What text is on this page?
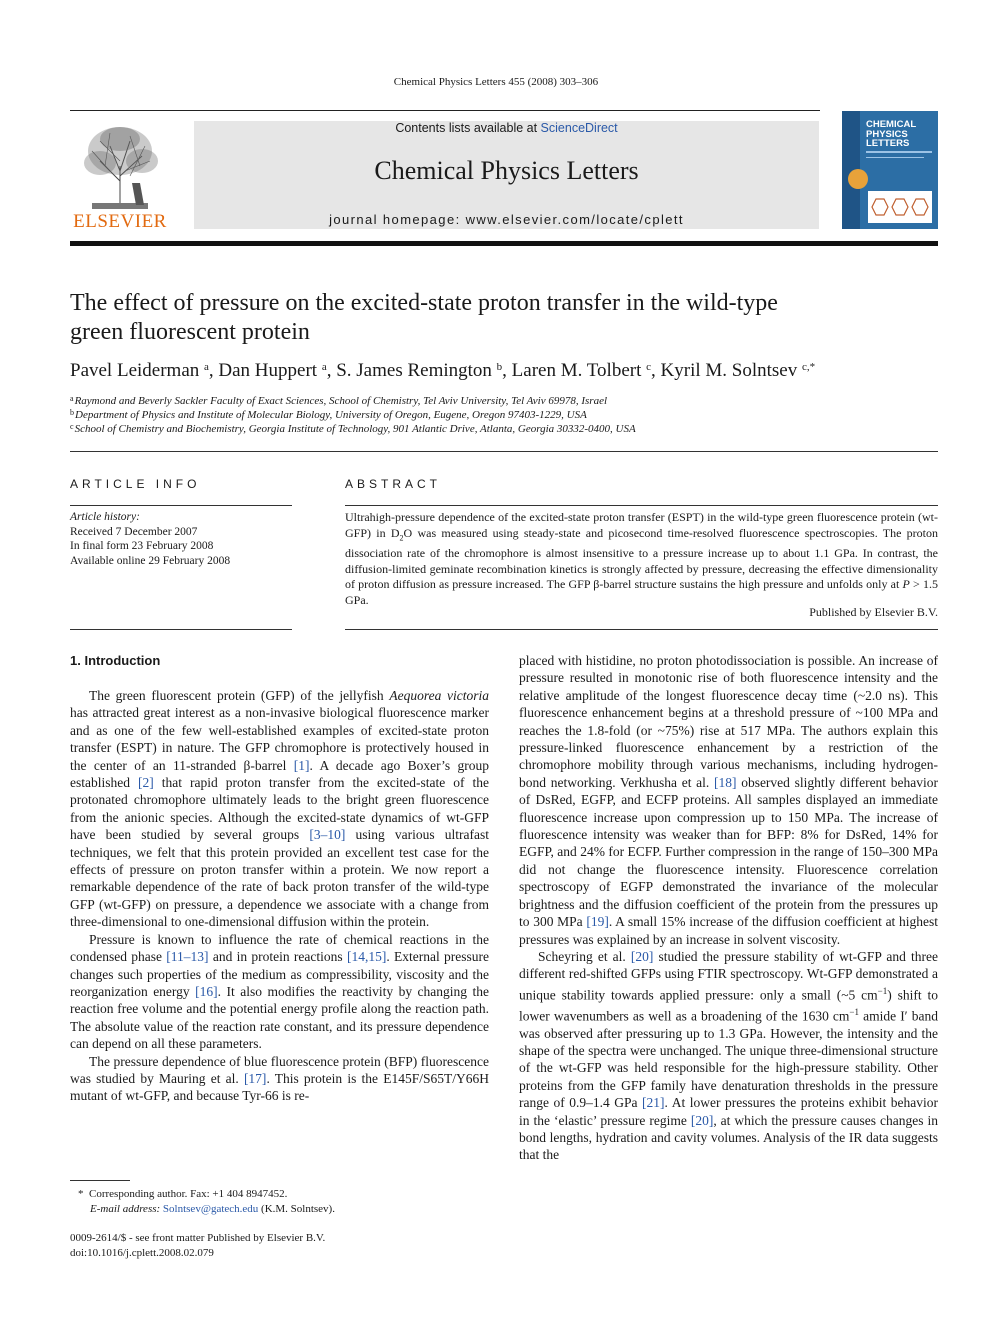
Chemical Physics Letters 455 (2008) 303–306
ELSEVIER
Contents lists available at ScienceDirect
Chemical Physics Letters
journal homepage: www.elsevier.com/locate/cplett
CHEMICAL
PHYSICS
LETTERS
The effect of pressure on the excited-state proton transfer in the wild-type
green fluorescent protein
Pavel Leiderman $^a$, Dan Huppert $^a$, S. James Remington $^b$, Laren M. Tolbert $^c$, Kyril M. Solntsev $^{c,*}$
$^a$Raymond and Beverly Sackler Faculty of Exact Sciences, School of Chemistry, Tel Aviv University, Tel Aviv 69978, Israel
$^b$Department of Physics and Institute of Molecular Biology, University of Oregon, Eugene, Oregon 97403-1229, USA
$^c$School of Chemistry and Biochemistry, Georgia Institute of Technology, 901 Atlantic Drive, Atlanta, Georgia 30332-0400, USA
ARTICLE INFO
Article history:
Received 7 December 2007
In final form 23 February 2008
Available online 29 February 2008
ABSTRACT
Ultrahigh-pressure dependence of the excited-state proton transfer (ESPT) in the wild-type green fluorescence protein (wt-GFP) in $D_2O$ was measured using steady-state and picosecond time-resolved fluorescence spectroscopies. The proton dissociation rate of the chromophore is almost insensitive to a pressure increase up to about 1.1 GPa. In contrast, the diffusion-limited geminate recombination kinetics is strongly affected by pressure, decreasing the effective dimensionality of proton diffusion as pressure increased. The GFP β-barrel structure sustains the high pressure and unfolds only at P > 1.5 GPa.
Published by Elsevier B.V.
1. Introduction

The green fluorescent protein (GFP) of the jellyfish Aequorea victoria has attracted great interest as a non-invasive biological fluorescence marker and as one of the few well-established examples of excited-state proton transfer (ESPT) in nature. The GFP chromophore is protectively housed in the center of an 11-stranded β-barrel [1]. A decade ago Boxer’s group established [2] that rapid proton transfer from the excited-state of the protonated chromophore ultimately leads to the bright green fluorescence from the anionic species. Although the excited-state dynamics of wt-GFP have been studied by several groups [3–10] using various ultrafast techniques, we felt that this protein provided an excellent test case for the effects of pressure on proton transfer within a protein. We now report a remarkable dependence of the rate of back proton transfer of the wild-type GFP (wt-GFP) on pressure, a dependence we associate with a change from three-dimensional to one-dimensional diffusion within the protein.

Pressure is known to influence the rate of chemical reactions in the condensed phase [11–13] and in protein reactions [14,15]. External pressure changes such properties of the medium as compressibility, viscosity and the reorganization energy [16]. It also modifies the reactivity by changing the reaction free volume and the potential energy profile along the reaction path. The absolute value of the reaction rate constant, and its pressure dependence can depend on all these parameters.

The pressure dependence of blue fluorescence protein (BFP) fluorescence was studied by Mauring et al. [17]. This protein is the E145F/S65T/Y66H mutant of wt-GFP, and because Tyr-66 is re-

placed with histidine, no proton photodissociation is possible. An increase of pressure resulted in monotonic rise of both fluorescence intensity and the relative amplitude of the longest fluorescence decay time (~2.0 ns). This fluorescence enhancement begins at a threshold pressure of ~100 MPa and reaches the 1.8-fold (or ~75%) rise at 517 MPa. The authors explain this pressure-linked fluorescence enhancement by a restriction of the chromophore mobility through various mechanisms, including hydrogen-bond networking. Verkhusha et al. [18] observed slightly different behavior of DsRed, EGFP, and ECFP proteins. All samples displayed an immediate fluorescence increase upon compression up to 150 MPa. The increase of fluorescence intensity was weaker than for BFP: 8% for DsRed, 14% for EGFP, and 24% for ECFP. Further compression in the range of 150–300 MPa did not change the fluorescence intensity. Fluorescence correlation spectroscopy of EGFP demonstrated the invariance of the molecular brightness and the diffusion coefficient of the protein from the pressures up to 300 MPa [19]. A small 15% increase of the diffusion coefficient at highest pressures was explained by an increase in solvent viscosity.

Scheyring et al. [20] studied the pressure stability of wt-GFP and three different red-shifted GFPs using FTIR spectroscopy. Wt-GFP demonstrated a unique stability towards applied pressure: only a small (~5 $cm^{-1}$) shift to lower wavenumbers as well as a broadening of the 1630 $cm^{-1}$ amide I′ band was observed after pressuring up to 1.3 GPa. However, the intensity and the shape of the spectra were unchanged. The unique three-dimensional structure of the wt-GFP was held responsible for the high-pressure stability. Other proteins from the GFP family have denaturation thresholds in the pressure range of 0.9–1.4 GPa [21]. At lower pressures the proteins exhibit behavior in the ‘elastic’ pressure regime [20], at which the pressure causes changes in bond lengths, hydration and cavity volumes. Analysis of the IR data suggests that the

* Corresponding author. Fax: +1 404 8947452.
E-mail address: Solntsev@gatech.edu (K.M. Solntsev).
0009-2614/$ - see front matter Published by Elsevier B.V.
doi:10.1016/j.cplett.2008.02.079
